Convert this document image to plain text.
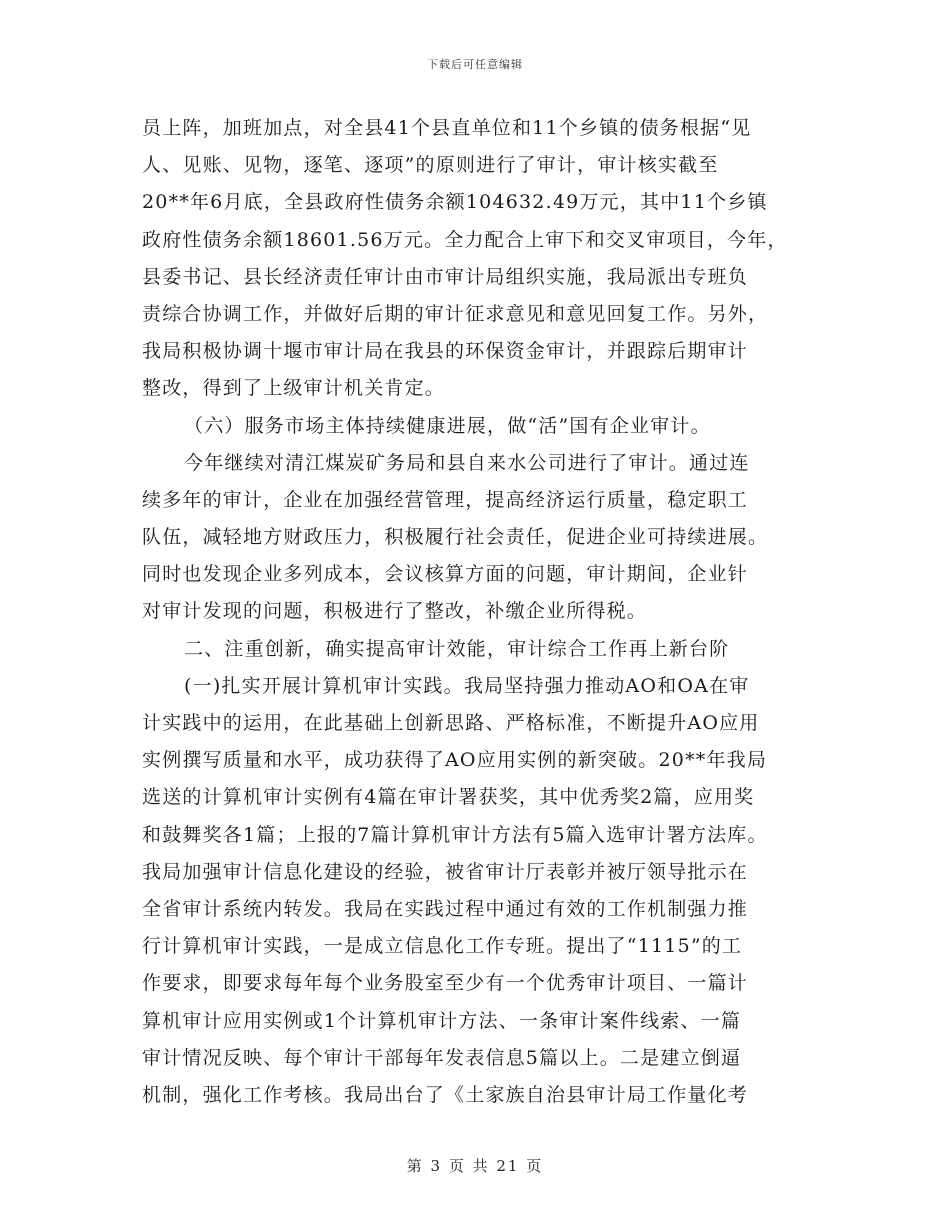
下载后可任意编辑
员上阵，加班加点，对全县41个县直单位和11个乡镇的债务根据“见
人、见账、见物，逐笔、逐项”的原则进行了审计，审计核实截至
20**年6月底，全县政府性债务余额104632.49万元，其中11个乡镇
政府性债务余额18601.56万元。全力配合上审下和交叉审项目，今年，
县委书记、县长经济责任审计由市审计局组织实施，我局派出专班负
责综合协调工作，并做好后期的审计征求意见和意见回复工作。另外，
我局积极协调十堰市审计局在我县的环保资金审计，并跟踪后期审计
整改，得到了上级审计机关肯定。
（六）服务市场主体持续健康进展，做“活”国有企业审计。
今年继续对清江煤炭矿务局和县自来水公司进行了审计。通过连
续多年的审计，企业在加强经营管理，提高经济运行质量，稳定职工
队伍，减轻地方财政压力，积极履行社会责任，促进企业可持续进展。
同时也发现企业多列成本，会议核算方面的问题，审计期间，企业针
对审计发现的问题，积极进行了整改，补缴企业所得税。
二、注重创新，确实提高审计效能，审计综合工作再上新台阶
(一)扎实开展计算机审计实践。我局坚持强力推动AO和OA在审
计实践中的运用，在此基础上创新思路、严格标准，不断提升AO应用
实例撰写质量和水平，成功获得了AO应用实例的新突破。20**年我局
选送的计算机审计实例有4篇在审计署获奖，其中优秀奖2篇，应用奖
和鼓舞奖各1篇；上报的7篇计算机审计方法有5篇入选审计署方法库。
我局加强审计信息化建设的经验，被省审计厅表彰并被厅领导批示在
全省审计系统内转发。我局在实践过程中通过有效的工作机制强力推
行计算机审计实践，一是成立信息化工作专班。提出了“1115”的工
作要求，即要求每年每个业务股室至少有一个优秀审计项目、一篇计
算机审计应用实例或1个计算机审计方法、一条审计案件线索、一篇
审计情况反映、每个审计干部每年发表信息5篇以上。二是建立倒逼
机制，强化工作考核。我局出台了《土家族自治县审计局工作量化考
第 3 页 共 21 页
